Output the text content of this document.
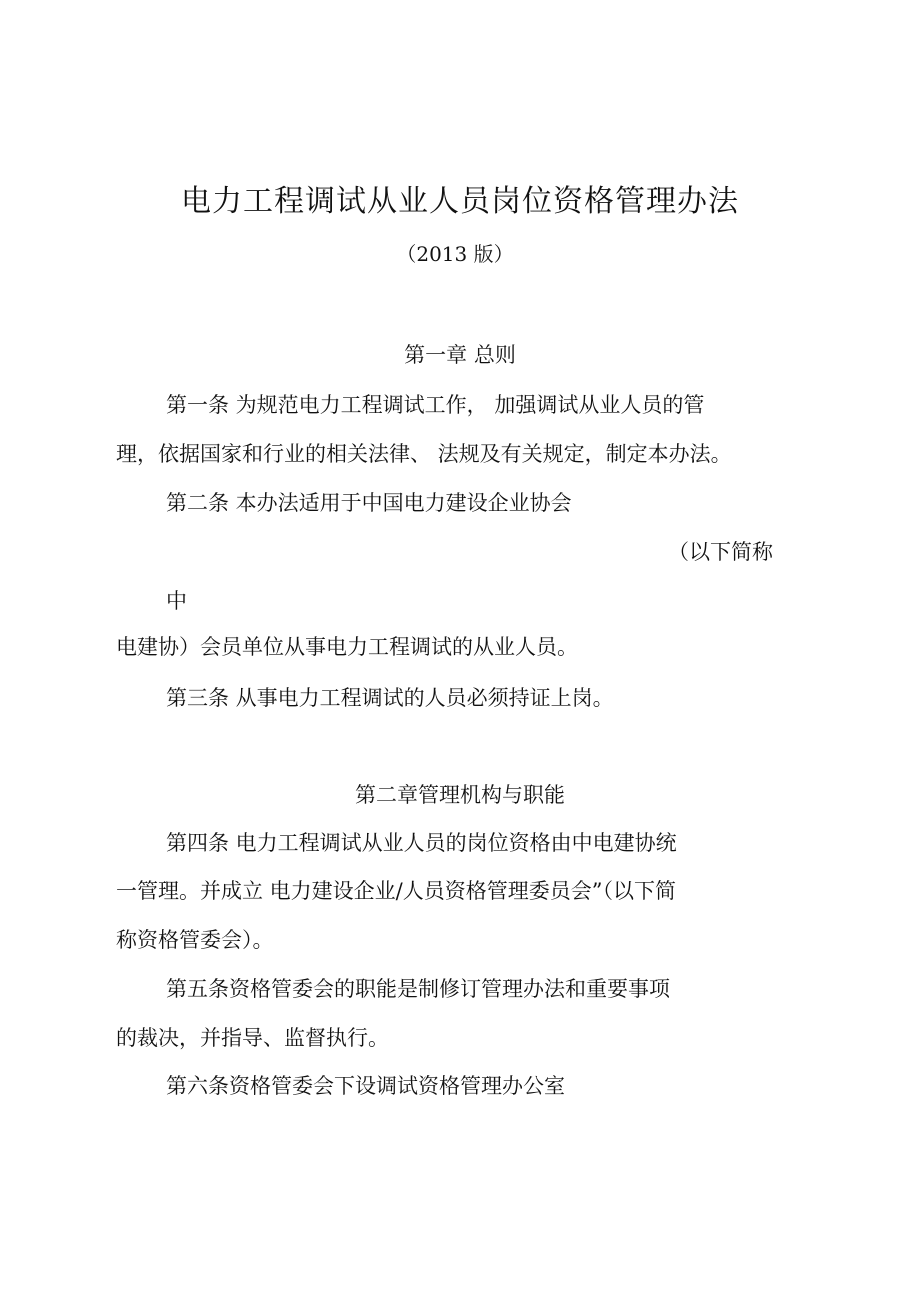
电力工程调试从业人员岗位资格管理办法
（2013 版）
第一章 总则
第一条 为规范电力工程调试工作， 加强调试从业人员的管
理，依据国家和行业的相关法律、 法规及有关规定，制定本办法。
第二条 本办法适用于中国电力建设企业协会
（以下简称
中
电建协）会员单位从事电力工程调试的从业人员。
第三条 从事电力工程调试的人员必须持证上岗。
第二章管理机构与职能
第四条 电力工程调试从业人员的岗位资格由中电建协统
一管理。并成立 电力建设企业/人员资格管理委员会”（以下简
称资格管委会）。
第五条资格管委会的职能是制修订管理办法和重要事项
的裁决，并指导、监督执行。
第六条资格管委会下设调试资格管理办公室
